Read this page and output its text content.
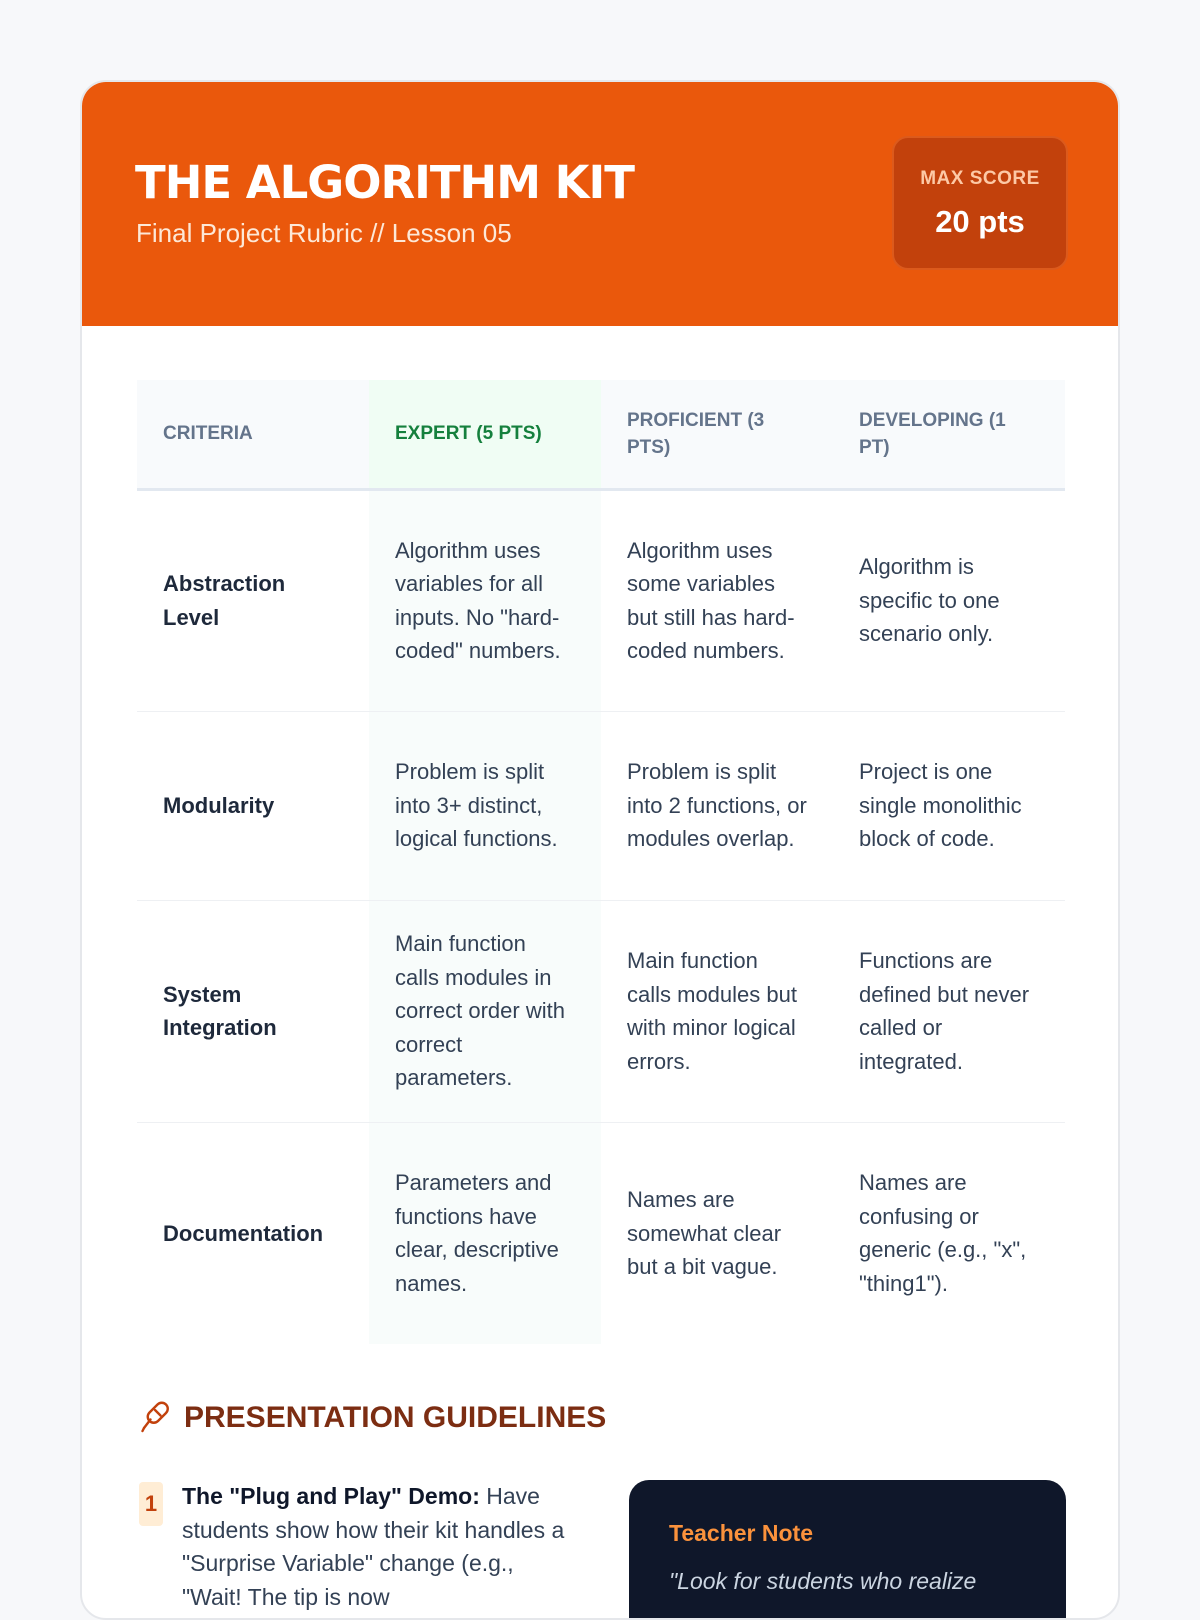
THE ALGORITHM KIT
Final Project Rubric // Lesson 05
MAX SCORE
20 pts
CRITERIA	EXPERT (5 PTS)	PROFICIENT (3 PTS)	DEVELOPING (1 PT)
Abstraction Level	Algorithm uses variables for all inputs. No "hard-coded" numbers.	Algorithm uses some variables but still has hard-coded numbers.	Algorithm is specific to one scenario only.
Modularity	Problem is split into 3+ distinct, logical functions.	Problem is split into 2 functions, or modules overlap.	Project is one single monolithic block of code.
System Integration	Main function calls modules in correct order with correct parameters.	Main function calls modules but with minor logical errors.	Functions are defined but never called or integrated.
Documentation	Parameters and functions have clear, descriptive names.	Names are somewhat clear but a bit vague.	Names are confusing or generic (e.g., "x", "thing1").
PRESENTATION GUIDELINES
1 The "Plug and Play" Demo: Have students show how their kit handles a "Surprise Variable" change (e.g., "Wait! The tip is now
Teacher Note
"Look for students who realize
